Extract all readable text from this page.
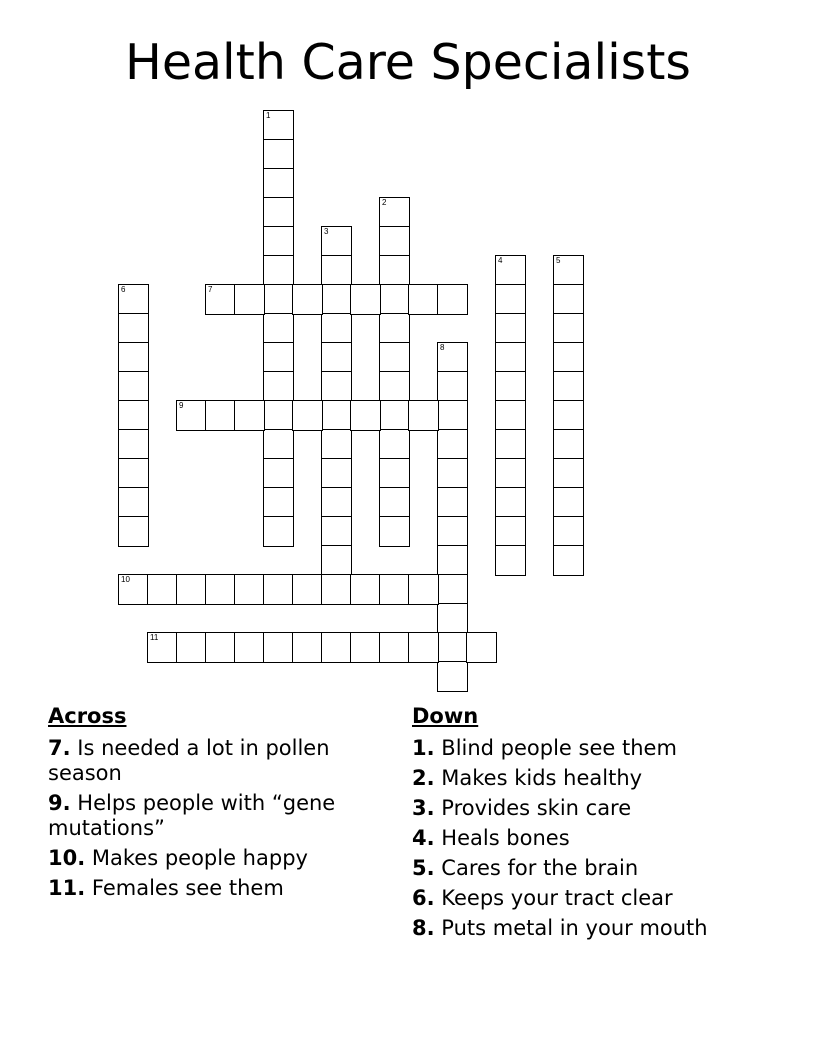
Health Care Specialists
1
2
3
4	5
6	7
8
9
10
11
Across
7. Is needed a lot in pollen season
9. Helps people with “gene mutations”
10. Makes people happy
11. Females see them
Down
1. Blind people see them
2. Makes kids healthy
3. Provides skin care
4. Heals bones
5. Cares for the brain
6. Keeps your tract clear
8. Puts metal in your mouth
